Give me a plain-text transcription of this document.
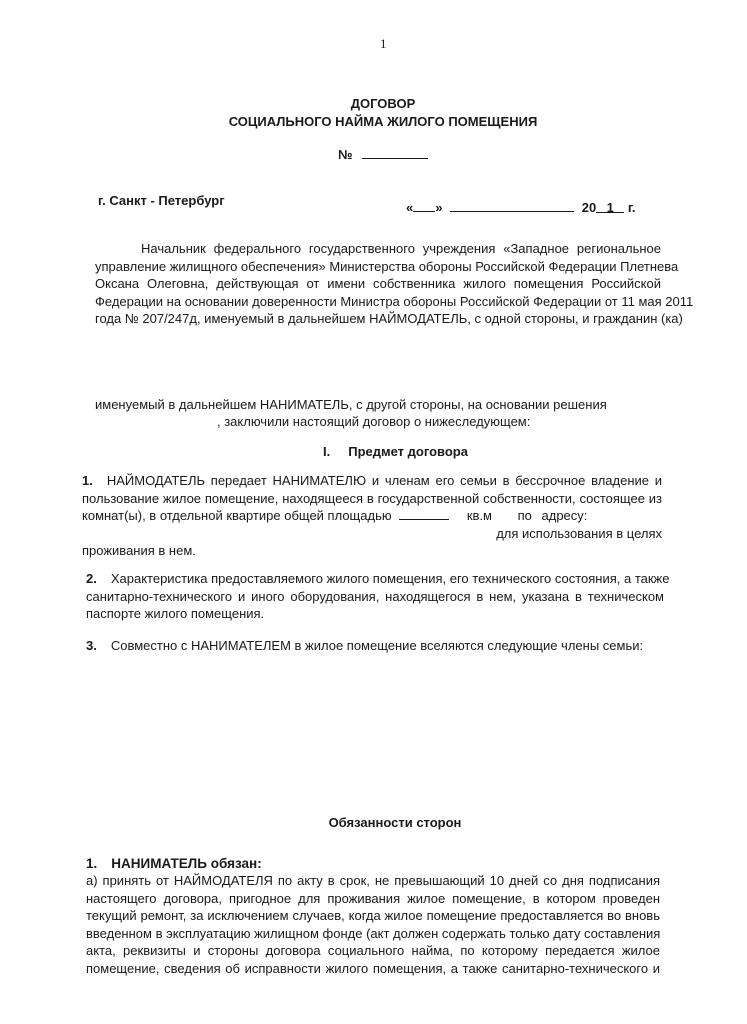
1
ДОГОВОР
СОЦИАЛЬНОГО НАЙМА ЖИЛОГО ПОМЕЩЕНИЯ
№
г. Санкт - Петербург	« »	20 1 г.
Начальник федерального государственного учреждения «Западное региональное
управление жилищного обеспечения» Министерства обороны Российской Федерации Плетнева
Оксана Олеговна, действующая от имени собственника жилого помещения Российской
Федерации на основании доверенности Министра обороны Российской Федерации от 11 мая 2011
года № 207/247д, именуемый в дальнейшем НАЙМОДАТЕЛЬ, с одной стороны, и гражданин (ка)
именуемый в дальнейшем НАНИМАТЕЛЬ, с другой стороны, на основании решения
, заключили настоящий договор о нижеследующем:
I. Предмет договора
1. НАЙМОДАТЕЛЬ передает НАНИМАТЕЛЮ и членам его семьи в бессрочное владение и
пользование жилое помещение, находящееся в государственной собственности, состоящее из
комнат(ы), в отдельной квартире общей площадью	кв.м по адресу:
для использования в целях
проживания в нем.
2. Характеристика предоставляемого жилого помещения, его технического состояния, а также
санитарно-технического и иного оборудования, находящегося в нем, указана в техническом
паспорте жилого помещения.
3. Совместно с НАНИМАТЕЛЕМ в жилое помещение вселяются следующие члены семьи:
Обязанности сторон
1. НАНИМАТЕЛЬ обязан:
а) принять от НАЙМОДАТЕЛЯ по акту в срок, не превышающий 10 дней со дня подписания
настоящего договора, пригодное для проживания жилое помещение, в котором проведен
текущий ремонт, за исключением случаев, когда жилое помещение предоставляется во вновь
введенном в эксплуатацию жилищном фонде (акт должен содержать только дату составления
акта, реквизиты и стороны договора социального найма, по которому передается жилое
помещение, сведения об исправности жилого помещения, а также санитарно-технического и
